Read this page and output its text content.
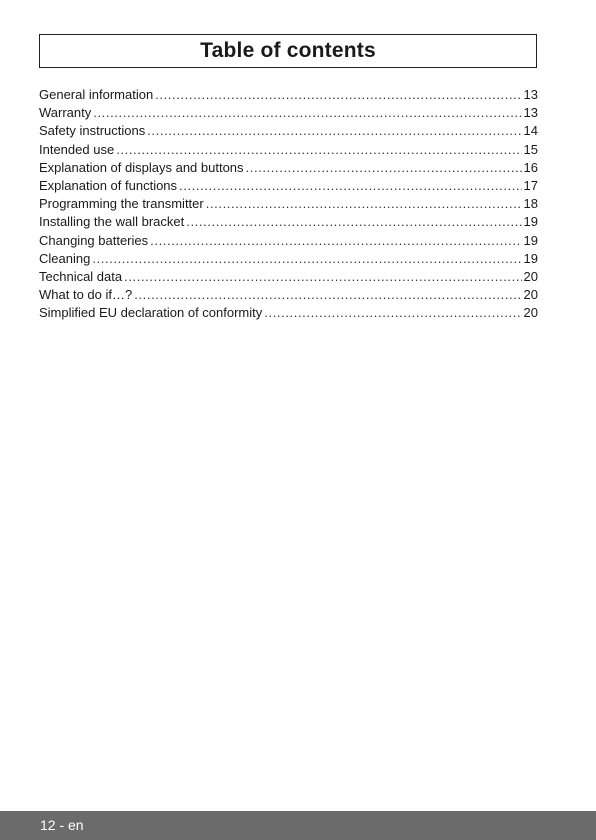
Table of contents
General information .....	13
Warranty .....	13
Safety instructions .....	14
Intended use .....	15
Explanation of displays and buttons .....	16
Explanation of functions .....	17
Programming the transmitter .....	18
Installing the wall bracket .....	19
Changing batteries .....	19
Cleaning .....	19
Technical data .....	20
What to do if…? .....	20
Simplified EU declaration of conformity .....	20
12 - en
